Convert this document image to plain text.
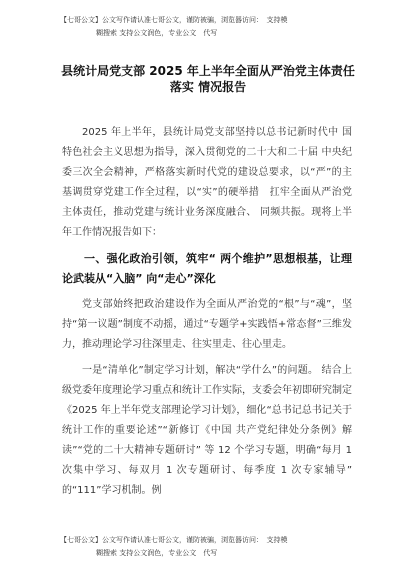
【七哥公文】公文写作请认准七哥公文，谨防被骗，浏览器访问：　支持模
糊搜索 支持公文润色，专业公文　代写
县统计局党支部 2025 年上半年全面从严治党主体责任落实 情况报告

2025 年上半年，县统计局党支部坚持以总书记新时代中 国特色社会主义思想为指导，深入贯彻党的二十大和二十届 中央纪委三次全会精神，严格落实新时代党的建设总要求，以“严”的主基调贯穿党建工作全过程，以“实”的硬举措　扛牢全面从严治党主体责任，推动党建与统计业务深度融合、 同频共振。现将上半年工作情况报告如下：

一、强化政治引领，筑牢“ 两个维护”思想根基，让理论武装从“入脑” 向“走心”深化

党支部始终把政治建设作为全面从严治党的“根”与“魂”，坚持“第一议题”制度不动摇，通过“专题学+实践悟+常态督”三维发力，推动理论学习往深里走、往实里走、往心里走。

一是“清单化”制定学习计划，解决“学什么”的问题。 结合上级党委年度理论学习重点和统计工作实际，支委会年初即研究制定《2025 年上半年党支部理论学习计划》，细化“总书记总书记关于统计工作的重要论述”“新修订《中国 共产党纪律处分条例》解读”“党的二十大精神专题研讨” 等 12 个学习专题，明确“每月 1 次集中学习、每双月 1 次专题研讨、每季度 1 次专家辅导” 的“111”学习机制。例

【七哥公文】公文写作请认准七哥公文，谨防被骗，浏览器访问：　支持模
糊搜索 支持公文润色，专业公文　代写
